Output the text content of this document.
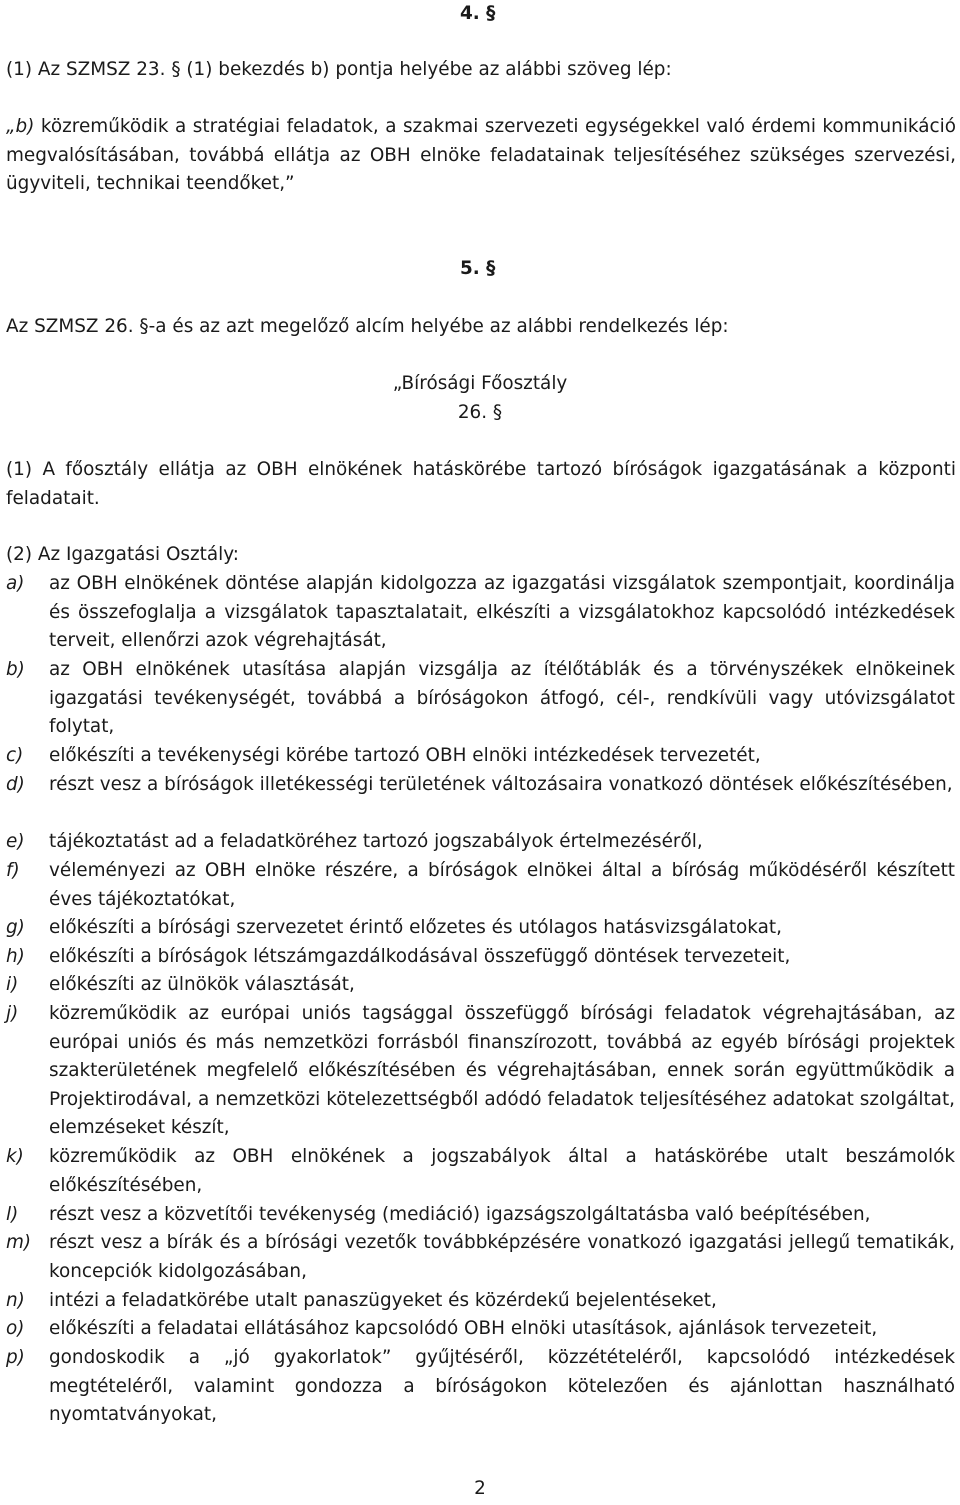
4. §
(1) Az SZMSZ 23. § (1) bekezdés b) pontja helyébe az alábbi szöveg lép:
„b) közreműködik a stratégiai feladatok, a szakmai szervezeti egységekkel való érdemi kommunikáció megvalósításában, továbbá ellátja az OBH elnöke feladatainak teljesítéséhez szükséges szervezési, ügyviteli, technikai teendőket,”
5. §
Az SZMSZ 26. §-a és az azt megelőző alcím helyébe az alábbi rendelkezés lép:
„Bírósági Főosztály
26. §
(1) A főosztály ellátja az OBH elnökének hatáskörébe tartozó bíróságok igazgatásának a központi feladatait.
(2) Az Igazgatási Osztály:
a) az OBH elnökének döntése alapján kidolgozza az igazgatási vizsgálatok szempontjait, koordinálja és összefoglalja a vizsgálatok tapasztalatait, elkészíti a vizsgálatokhoz kapcsolódó intézkedések terveit, ellenőrzi azok végrehajtását,
b) az OBH elnökének utasítása alapján vizsgálja az ítélőtáblák és a törvényszékek elnökeinek igazgatási tevékenységét, továbbá a bíróságokon átfogó, cél-, rendkívüli vagy utóvizsgálatot folytat,
c) előkészíti a tevékenységi körébe tartozó OBH elnöki intézkedések tervezetét,
d) részt vesz a bíróságok illetékességi területének változásaira vonatkozó döntések előkészítésében,
e) tájékoztatást ad a feladatköréhez tartozó jogszabályok értelmezéséről,
f) véleményezi az OBH elnöke részére, a bíróságok elnökei által a bíróság működéséről készített éves tájékoztatókat,
g) előkészíti a bírósági szervezetet érintő előzetes és utólagos hatásvizsgálatokat,
h) előkészíti a bíróságok létszámgazdálkodásával összefüggő döntések tervezeteit,
i) előkészíti az ülnökök választását,
j) közreműködik az európai uniós tagsággal összefüggő bírósági feladatok végrehajtásában, az európai uniós és más nemzetközi forrásból finanszírozott, továbbá az egyéb bírósági projektek szakterületének megfelelő előkészítésében és végrehajtásában, ennek során együttműködik a Projektirodával, a nemzetközi kötelezettségből adódó feladatok teljesítéséhez adatokat szolgáltat, elemzéseket készít,
k) közreműködik az OBH elnökének a jogszabályok által a hatáskörébe utalt beszámolók előkészítésében,
l) részt vesz a közvetítői tevékenység (mediáció) igazságszolgáltatásba való beépítésében,
m) részt vesz a bírák és a bírósági vezetők továbbképzésére vonatkozó igazgatási jellegű tematikák, koncepciók kidolgozásában,
n) intézi a feladatkörébe utalt panaszügyeket és közérdekű bejelentéseket,
o) előkészíti a feladatai ellátásához kapcsolódó OBH elnöki utasítások, ajánlások tervezeteit,
p) gondoskodik a „jó gyakorlatok” gyűjtéséről, közzétételéről, kapcsolódó intézkedések megtételéről, valamint gondozza a bíróságokon kötelezően és ajánlottan használható nyomtatványokat,
2
